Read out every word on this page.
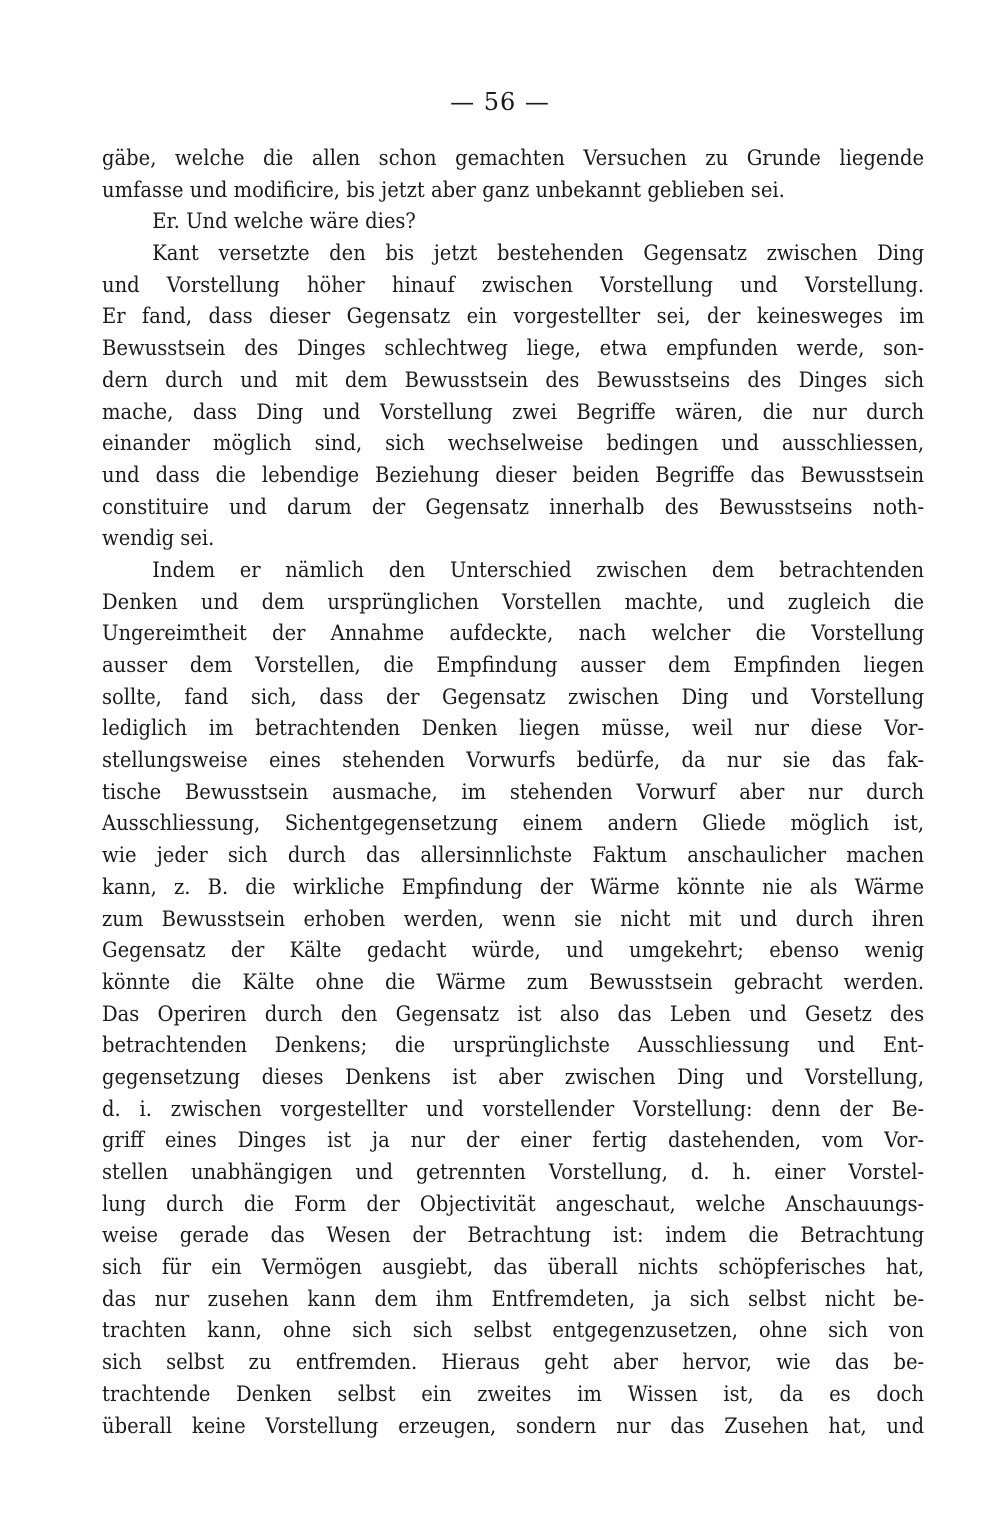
— 56 —
gäbe, welche die allen schon gemachten Versuchen zu Grunde liegende
umfasse und modificire, bis jetzt aber ganz unbekannt geblieben sei.
Er. Und welche wäre dies?
Kant versetzte den bis jetzt bestehenden Gegensatz zwischen Ding
und Vorstellung höher hinauf zwischen Vorstellung und Vorstellung.
Er fand, dass dieser Gegensatz ein vorgestellter sei, der keinesweges im
Bewusstsein des Dinges schlechtweg liege, etwa empfunden werde, son-
dern durch und mit dem Bewusstsein des Bewusstseins des Dinges sich
mache, dass Ding und Vorstellung zwei Begriffe wären, die nur durch
einander möglich sind, sich wechselweise bedingen und ausschliessen,
und dass die lebendige Beziehung dieser beiden Begriffe das Bewusstsein
constituire und darum der Gegensatz innerhalb des Bewusstseins noth-
wendig sei.
Indem er nämlich den Unterschied zwischen dem betrachtenden
Denken und dem ursprünglichen Vorstellen machte, und zugleich die
Ungereimtheit der Annahme aufdeckte, nach welcher die Vorstellung
ausser dem Vorstellen, die Empfindung ausser dem Empfinden liegen
sollte, fand sich, dass der Gegensatz zwischen Ding und Vorstellung
lediglich im betrachtenden Denken liegen müsse, weil nur diese Vor-
stellungsweise eines stehenden Vorwurfs bedürfe, da nur sie das fak-
tische Bewusstsein ausmache, im stehenden Vorwurf aber nur durch
Ausschliessung, Sichentgegensetzung einem andern Gliede möglich ist,
wie jeder sich durch das allersinnlichste Faktum anschaulicher machen
kann, z. B. die wirkliche Empfindung der Wärme könnte nie als Wärme
zum Bewusstsein erhoben werden, wenn sie nicht mit und durch ihren
Gegensatz der Kälte gedacht würde, und umgekehrt; ebenso wenig
könnte die Kälte ohne die Wärme zum Bewusstsein gebracht werden.
Das Operiren durch den Gegensatz ist also das Leben und Gesetz des
betrachtenden Denkens; die ursprünglichste Ausschliessung und Ent-
gegensetzung dieses Denkens ist aber zwischen Ding und Vorstellung,
d. i. zwischen vorgestellter und vorstellender Vorstellung: denn der Be-
griff eines Dinges ist ja nur der einer fertig dastehenden, vom Vor-
stellen unabhängigen und getrennten Vorstellung, d. h. einer Vorstel-
lung durch die Form der Objectivität angeschaut, welche Anschauungs-
weise gerade das Wesen der Betrachtung ist: indem die Betrachtung
sich für ein Vermögen ausgiebt, das überall nichts schöpferisches hat,
das nur zusehen kann dem ihm Entfremdeten, ja sich selbst nicht be-
trachten kann, ohne sich sich selbst entgegenzusetzen, ohne sich von
sich selbst zu entfremden. Hieraus geht aber hervor, wie das be-
trachtende Denken selbst ein zweites im Wissen ist, da es doch
überall keine Vorstellung erzeugen, sondern nur das Zusehen hat, und
